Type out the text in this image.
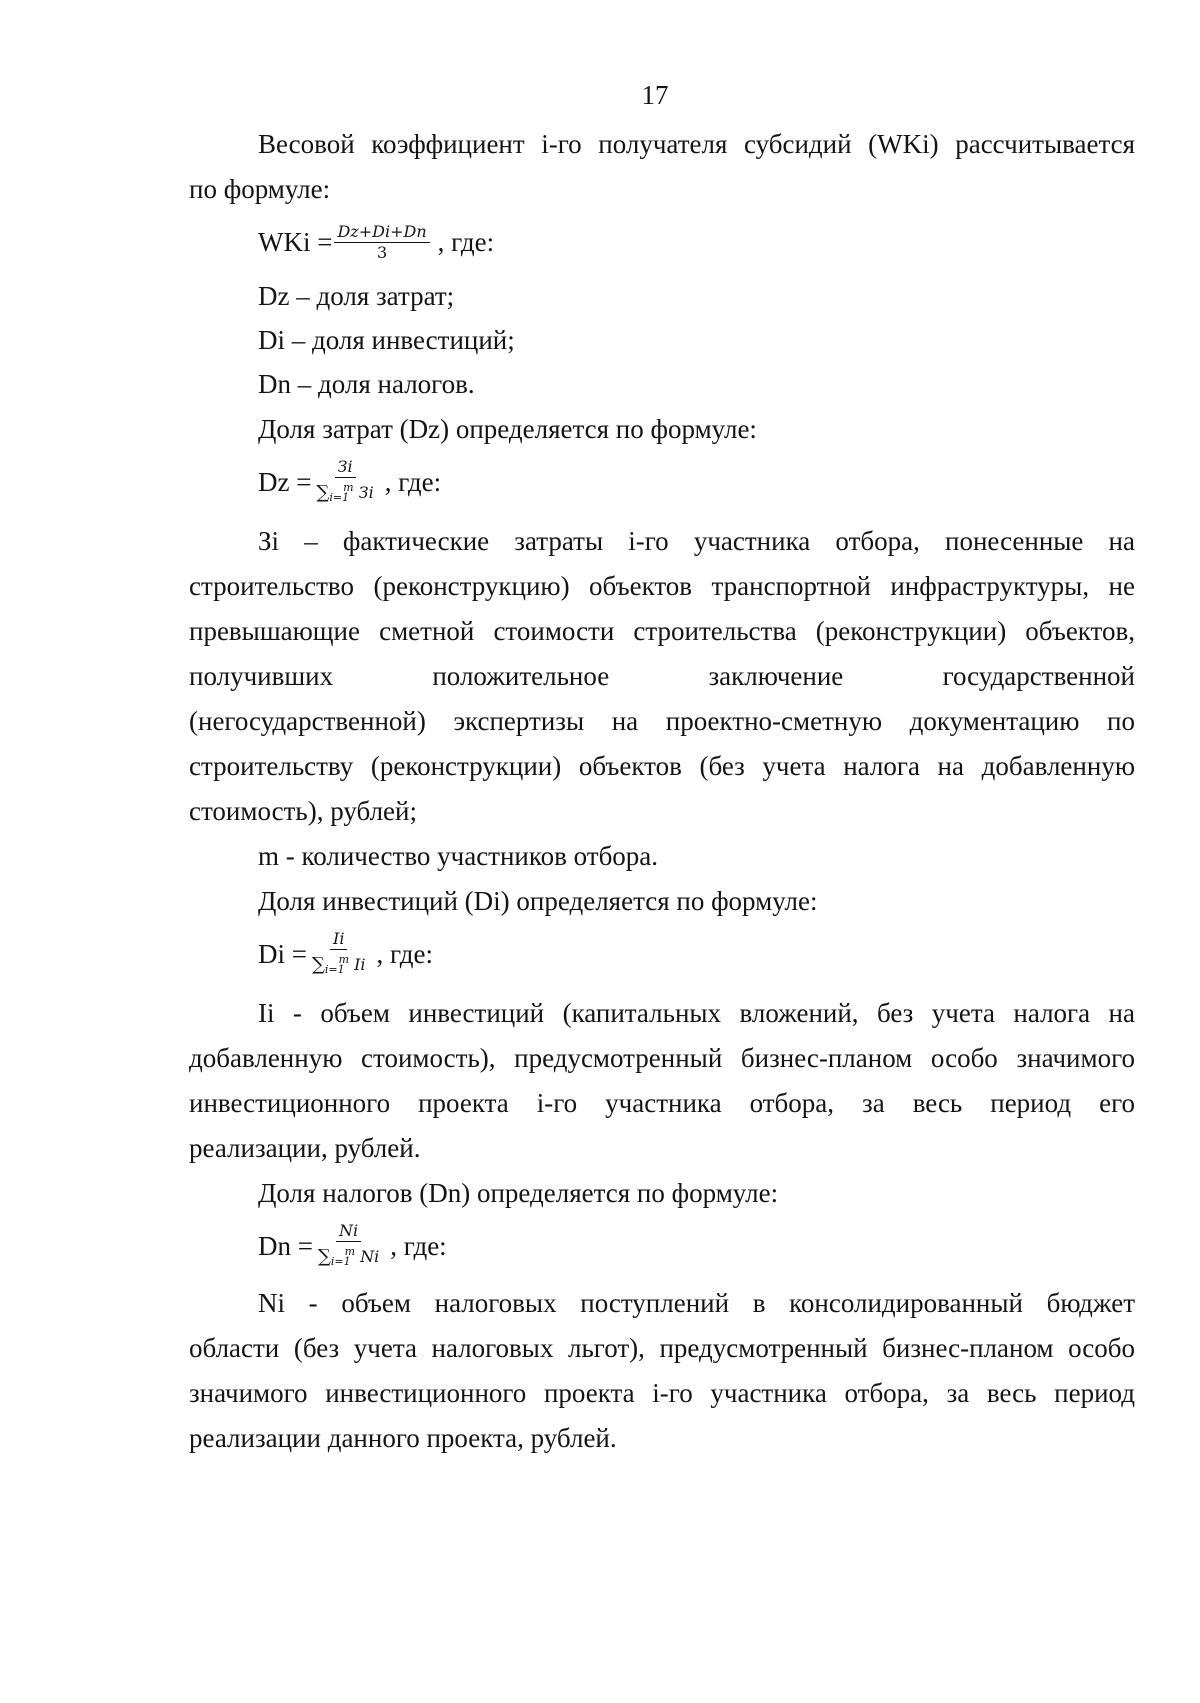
17
Весовой коэффициент i-го получателя субсидий (WKi) рассчитывается
по формуле:
WKi = $\frac{Dz+Di+Dn}{3}$ , где:
Dz – доля затрат;
Di – доля инвестиций;
Dn – доля налогов.
Доля затрат (Dz) определяется по формуле:
$Dz = \frac{Зi}{\sum_{i=1}^m Зi}$ , где:
Зi – фактические затраты i-го участника отбора, понесенные на
строительство (реконструкцию) объектов транспортной инфраструктуры, не
превышающие сметной стоимости строительства (реконструкции) объектов,
получивших положительное заключение государственной
(негосударственной) экспертизы на проектно-сметную документацию по
строительству (реконструкции) объектов (без учета налога на добавленную
стоимость), рублей;
m - количество участников отбора.
Доля инвестиций (Di) определяется по формуле:
$Di = \frac{Ii}{\sum_{i=1}^m Ii}$ , где:
Ii - объем инвестиций (капитальных вложений, без учета налога на
добавленную стоимость), предусмотренный бизнес-планом особо значимого
инвестиционного проекта i-го участника отбора, за весь период его
реализации, рублей.
Доля налогов (Dn) определяется по формуле:
$Dn = \frac{Ni}{\sum_{i=1}^m Ni}$ , где:
Ni - объем налоговых поступлений в консолидированный бюджет
области (без учета налоговых льгот), предусмотренный бизнес-планом особо
значимого инвестиционного проекта i-го участника отбора, за весь период
реализации данного проекта, рублей.
